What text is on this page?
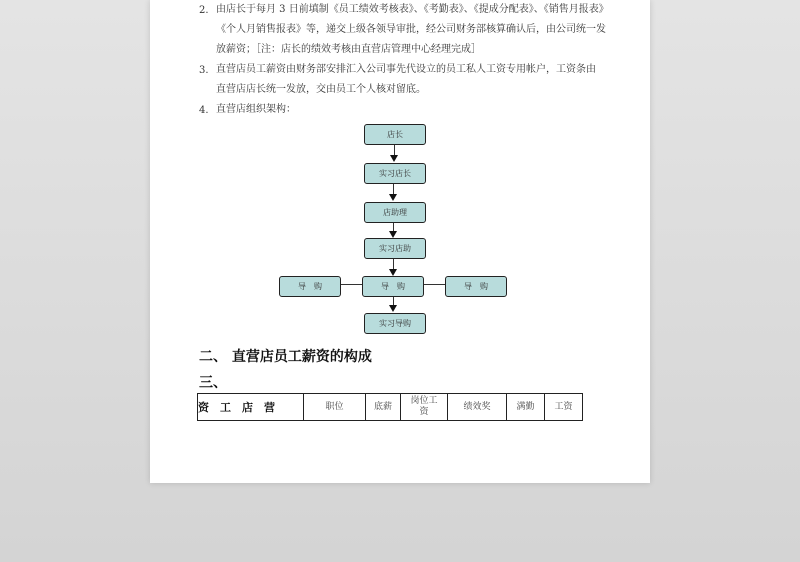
2. 由店长于每月 3 日前填制《员工绩效考核表》、《考勤表》、《提成分配表》、《销售月报表》
《个人月销售报表》等，递交上级各领导审批，经公司财务部核算确认后，由公司统一发
放薪资；［注：店长的绩效考核由直营店管理中心经理完成］
3. 直营店员工薪资由财务部安排汇入公司事先代设立的员工私人工资专用帐户，工资条由
直营店店长统一发放，交由员工个人核对留底。
4. 直营店组织架构：
店长
实习店长
店助理
实习店助
导　购	导　购	导　购
实习导购
二、 直营店员工薪资的构成
三、
资　工　店　营	职位	底薪	岗位工资	绩效奖	满勤	工资
